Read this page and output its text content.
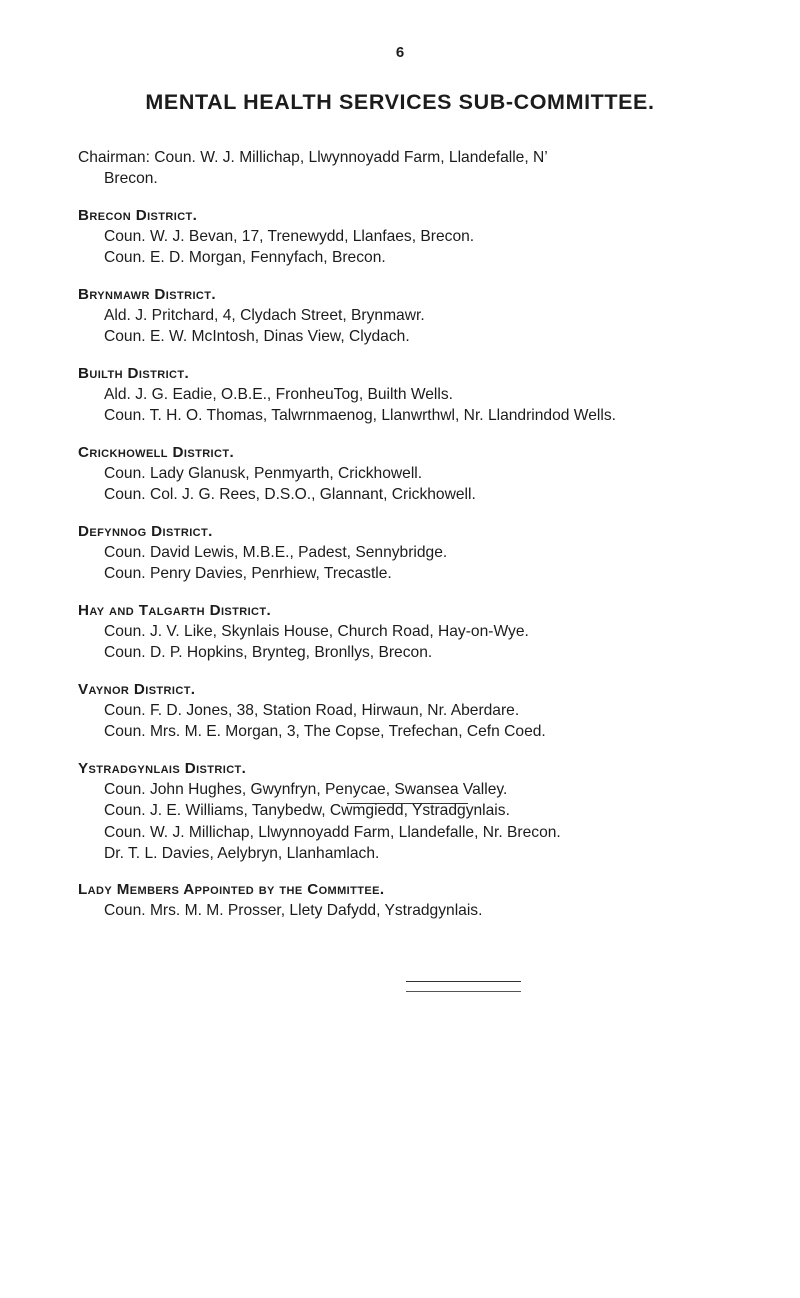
6
MENTAL HEALTH SERVICES SUB-COMMITTEE.
Chairman: Coun. W. J. Millichap, Llwynnoyadd Farm, Llandefalle, N’
Brecon.
Brecon District.
Coun. W. J. Bevan, 17, Trenewydd, Llanfaes, Brecon.
Coun. E. D. Morgan, Fennyfach, Brecon.
Brynmawr District.
Ald. J. Pritchard, 4, Clydach Street, Brynmawr.
Coun. E. W. McIntosh, Dinas View, Clydach.
Builth District.
Ald. J. G. Eadie, O.B.E., FronheuTog, Builth Wells.
Coun. T. H. O. Thomas, Talwrnmaenog, Llanwrthwl, Nr. Llandrindod Wells.
Crickhowell District.
Coun. Lady Glanusk, Penmyarth, Crickhowell.
Coun. Col. J. G. Rees, D.S.O., Glannant, Crickhowell.
Defynnog District.
Coun. David Lewis, M.B.E., Padest, Sennybridge.
Coun. Penry Davies, Penrhiew, Trecastle.
Hay and Talgarth District.
Coun. J. V. Like, Skynlais House, Church Road, Hay-on-Wye.
Coun. D. P. Hopkins, Brynteg, Bronllys, Brecon.
Vaynor District.
Coun. F. D. Jones, 38, Station Road, Hirwaun, Nr. Aberdare.
Coun. Mrs. M. E. Morgan, 3, The Copse, Trefechan, Cefn Coed.
Ystradgynlais District.
Coun. John Hughes, Gwynfryn, Penycae, Swansea Valley.
Coun. J. E. Williams, Tanybedw, Cwmgiedd, Ystradgynlais.
Coun. W. J. Millichap, Llwynnoyadd Farm, Llandefalle, Nr. Brecon.
Dr. T. L. Davies, Aelybryn, Llanhamlach.
Lady Members Appointed by the Committee.
Coun. Mrs. M. M. Prosser, Llety Dafydd, Ystradgynlais.
